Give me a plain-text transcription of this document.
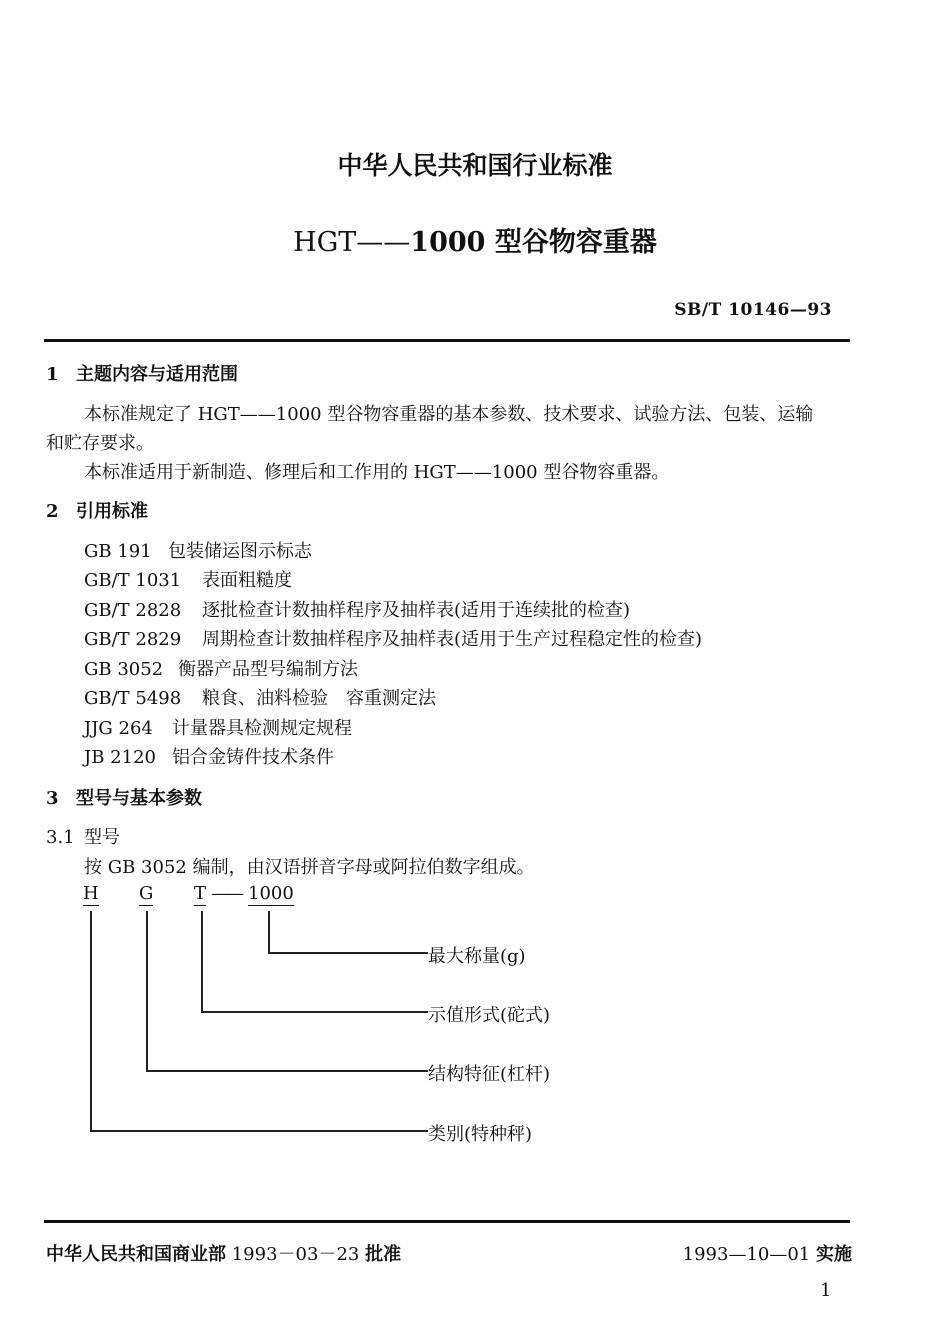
中华人民共和国行业标准
HGT——1000 型谷物容重器
SB/T 10146—93
1 主题内容与适用范围
本标准规定了 HGT——1000 型谷物容重器的基本参数、技术要求、试验方法、包装、运输
和贮存要求。
本标准适用于新制造、修理后和工作用的 HGT——1000 型谷物容重器。
2 引用标准
GB 191 包装储运图示标志
GB/T 1031 表面粗糙度
GB/T 2828 逐批检查计数抽样程序及抽样表(适用于连续批的检查)
GB/T 2829 周期检查计数抽样程序及抽样表(适用于生产过程稳定性的检查)
GB 3052 衡器产品型号编制方法
GB/T 5498 粮食、油料检验　容重测定法
JJG 264 计量器具检测规定规程
JB 2120 铝合金铸件技术条件
3 型号与基本参数
3.1 型号
按 GB 3052 编制，由汉语拼音字母或阿拉伯数字组成。
H G T —— 1000
最大称量(g)
示值形式(砣式)
结构特征(杠杆)
类别(特种秤)
中华人民共和国商业部 1993－03－23 批准	1993—10—01 实施
1
